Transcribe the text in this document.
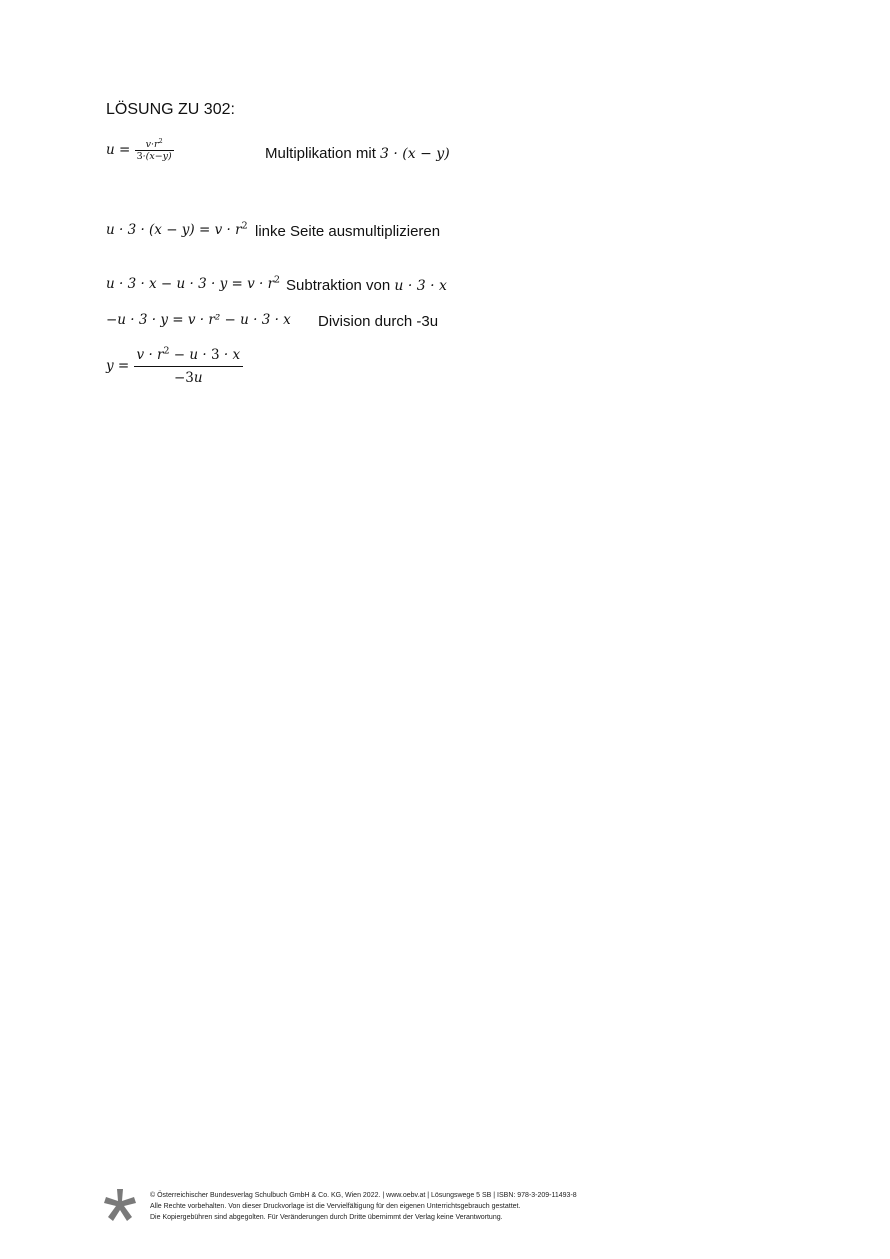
LÖSUNG ZU 302:
$u = \frac{v\cdot r^2}{3\cdot(x-y)}$	Multiplikation mit 3 · (x − y)
$u \cdot 3 \cdot (x - y) = v \cdot r^2$ linke Seite ausmultiplizieren
$u \cdot 3 \cdot x - u \cdot 3 \cdot y = v \cdot r^2$ Subtraktion von u · 3 · x
−u · 3 · y = v · r² − u · 3 · x Division durch -3u
$y = \frac{v \cdot r^2 - u \cdot 3 \cdot x}{-3u}$
© Österreichischer Bundesverlag Schulbuch GmbH & Co. KG, Wien 2022. | www.oebv.at | Lösungswege 5 SB | ISBN: 978-3-209-11493-8
Alle Rechte vorbehalten. Von dieser Druckvorlage ist die Vervielfältigung für den eigenen Unterrichtsgebrauch gestattet.
Die Kopiergebühren sind abgegolten. Für Veränderungen durch Dritte übernimmt der Verlag keine Verantwortung.
